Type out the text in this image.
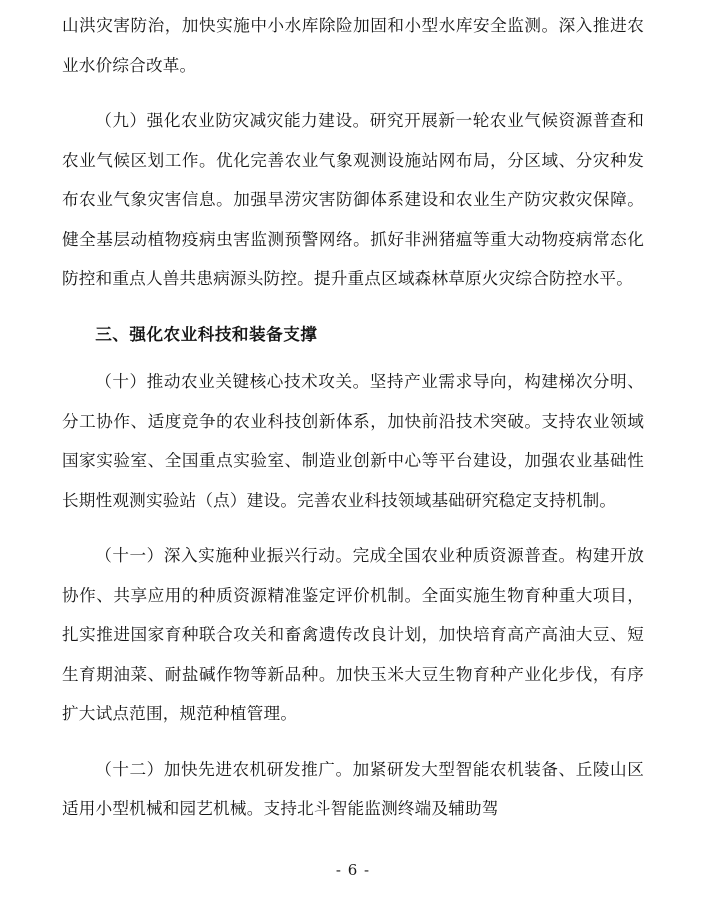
山洪灾害防治，加快实施中小水库除险加固和小型水库安全监测。深入推进农业水价综合改革。

（九）强化农业防灾减灾能力建设。研究开展新一轮农业气候资源普查和农业气候区划工作。优化完善农业气象观测设施站网布局，分区域、分灾种发布农业气象灾害信息。加强旱涝灾害防御体系建设和农业生产防灾救灾保障。健全基层动植物疫病虫害监测预警网络。抓好非洲猪瘟等重大动物疫病常态化防控和重点人兽共患病源头防控。提升重点区域森林草原火灾综合防控水平。

三、强化农业科技和装备支撑

（十）推动农业关键核心技术攻关。坚持产业需求导向，构建梯次分明、分工协作、适度竞争的农业科技创新体系，加快前沿技术突破。支持农业领域国家实验室、全国重点实验室、制造业创新中心等平台建设，加强农业基础性长期性观测实验站（点）建设。完善农业科技领域基础研究稳定支持机制。

（十一）深入实施种业振兴行动。完成全国农业种质资源普查。构建开放协作、共享应用的种质资源精准鉴定评价机制。全面实施生物育种重大项目，扎实推进国家育种联合攻关和畜禽遗传改良计划，加快培育高产高油大豆、短生育期油菜、耐盐碱作物等新品种。加快玉米大豆生物育种产业化步伐，有序扩大试点范围，规范种植管理。

（十二）加快先进农机研发推广。加紧研发大型智能农机装备、丘陵山区适用小型机械和园艺机械。支持北斗智能监测终端及辅助驾

- 6 -
